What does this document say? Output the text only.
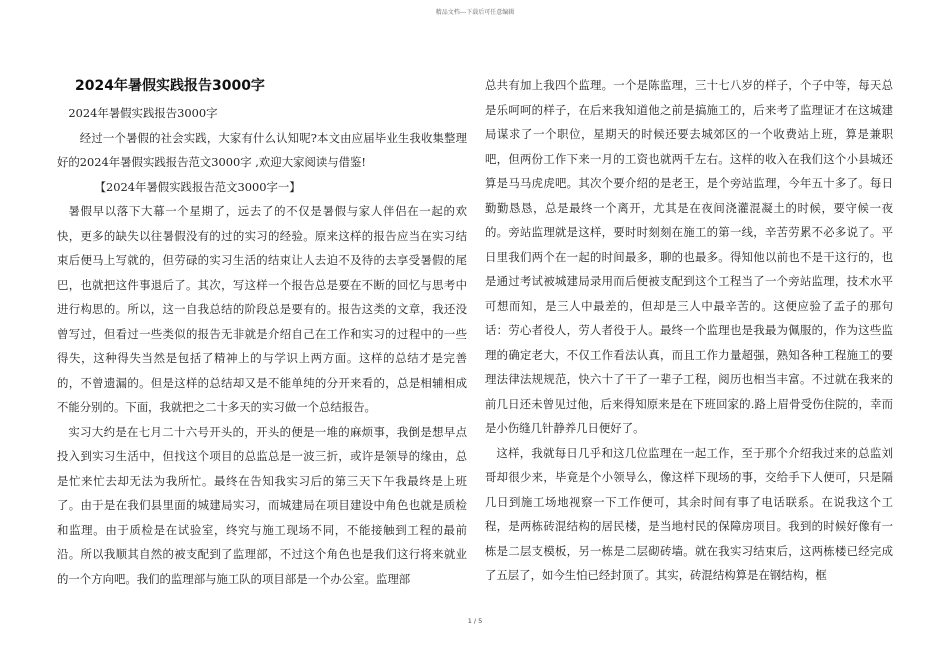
精品文档---下载后可任意编辑
2024年暑假实践报告3000字

2024年暑假实践报告3000字

经过一个暑假的社会实践，大家有什么认知呢?本文由应届毕业生我收集整理好的2024年暑假实践报告范文3000字 ,欢迎大家阅读与借鉴!

【2024年暑假实践报告范文3000字一】

暑假早以落下大幕一个星期了，远去了的不仅是暑假与家人伴侣在一起的欢快，更多的缺失以往暑假没有的过的实习的经验。原来这样的报告应当在实习结束后便马上写就的，但劳碌的实习生活的结束让人去迫不及待的去享受暑假的尾巴，也就把这件事退后了。其次，写这样一个报告总是要在不断的回忆与思考中进行构思的。所以，这一自我总结的阶段总是要有的。报告这类的文章，我还没曾写过，但看过一些类似的报告无非就是介绍自己在工作和实习的过程中的一些得失，这种得失当然是包括了精神上的与学识上两方面。这样的总结才是完善的，不曾遗漏的。但是这样的总结却又是不能单纯的分开来看的，总是相辅相成不能分别的。下面，我就把之二十多天的实习做一个总结报告。

实习大约是在七月二十六号开头的，开头的便是一堆的麻烦事，我倒是想早点投入到实习生活中，但找这个项目的总监总是一波三折，或许是领导的缘由，总是忙来忙去却无法为我所忙。最终在告知我实习后的第三天下午我最终是上班了。由于是在我们县里面的城建局实习，而城建局在项目建设中角色也就是质检和监理。由于质检是在试验室，终究与施工现场不同，不能接触到工程的最前沿。所以我顺其自然的被支配到了监理部，不过这个角色也是我们这行将来就业的一个方向吧。我们的监理部与施工队的项目部是一个办公室。监理部

总共有加上我四个监理。一个是陈监理，三十七八岁的样子，个子中等，每天总是乐呵呵的样子，在后来我知道他之前是搞施工的，后来考了监理证才在这城建局谋求了一个职位，星期天的时候还要去城郊区的一个收费站上班，算是兼职吧，但两份工作下来一月的工资也就两千左右。这样的收入在我们这个小县城还算是马马虎虎吧。其次个要介绍的是老王，是个旁站监理，今年五十多了。每日勤勤恳恳，总是最终一个离开，尤其是在夜间浇灌混凝土的时候，要守候一夜的。旁站监理就是这样，要时时刻刻在施工的第一线，辛苦劳累不必多说了。平日里我们两个在一起的时间最多，聊的也最多。得知他以前也不是干这行的，也是通过考试被城建局录用而后便被支配到这个工程当了一个旁站监理，技术水平可想而知，是三人中最差的，但却是三人中最辛苦的。这便应验了孟子的那句话：劳心者役人，劳人者役于人。最终一个监理也是我最为佩服的，作为这些监理的确定老大，不仅工作看法认真，而且工作力量超强，熟知各种工程施工的要理法律法规规范，快六十了干了一辈子工程，阅历也相当丰富。不过就在我来的前几日还未曾见过他，后来得知原来是在下班回家的.路上眉骨受伤住院的，幸而是小伤缝几针静养几日便好了。

这样，我就每日几乎和这几位监理在一起工作，至于那个介绍我过来的总监刘哥却很少来，毕竟是个小领导么，像这样下现场的事，交给手下人便可，只是隔几日到施工场地视察一下工作便可，其余时间有事了电话联系。在说我这个工程，是两栋砖混结构的居民楼，是当地村民的保障房项目。我到的时候好像有一栋是二层支模板，另一栋是二层砌砖墙。就在我实习结束后，这两栋楼已经完成了五层了，如今生怕已经封顶了。其实，砖混结构算是在钢结构，框

1 / 5
